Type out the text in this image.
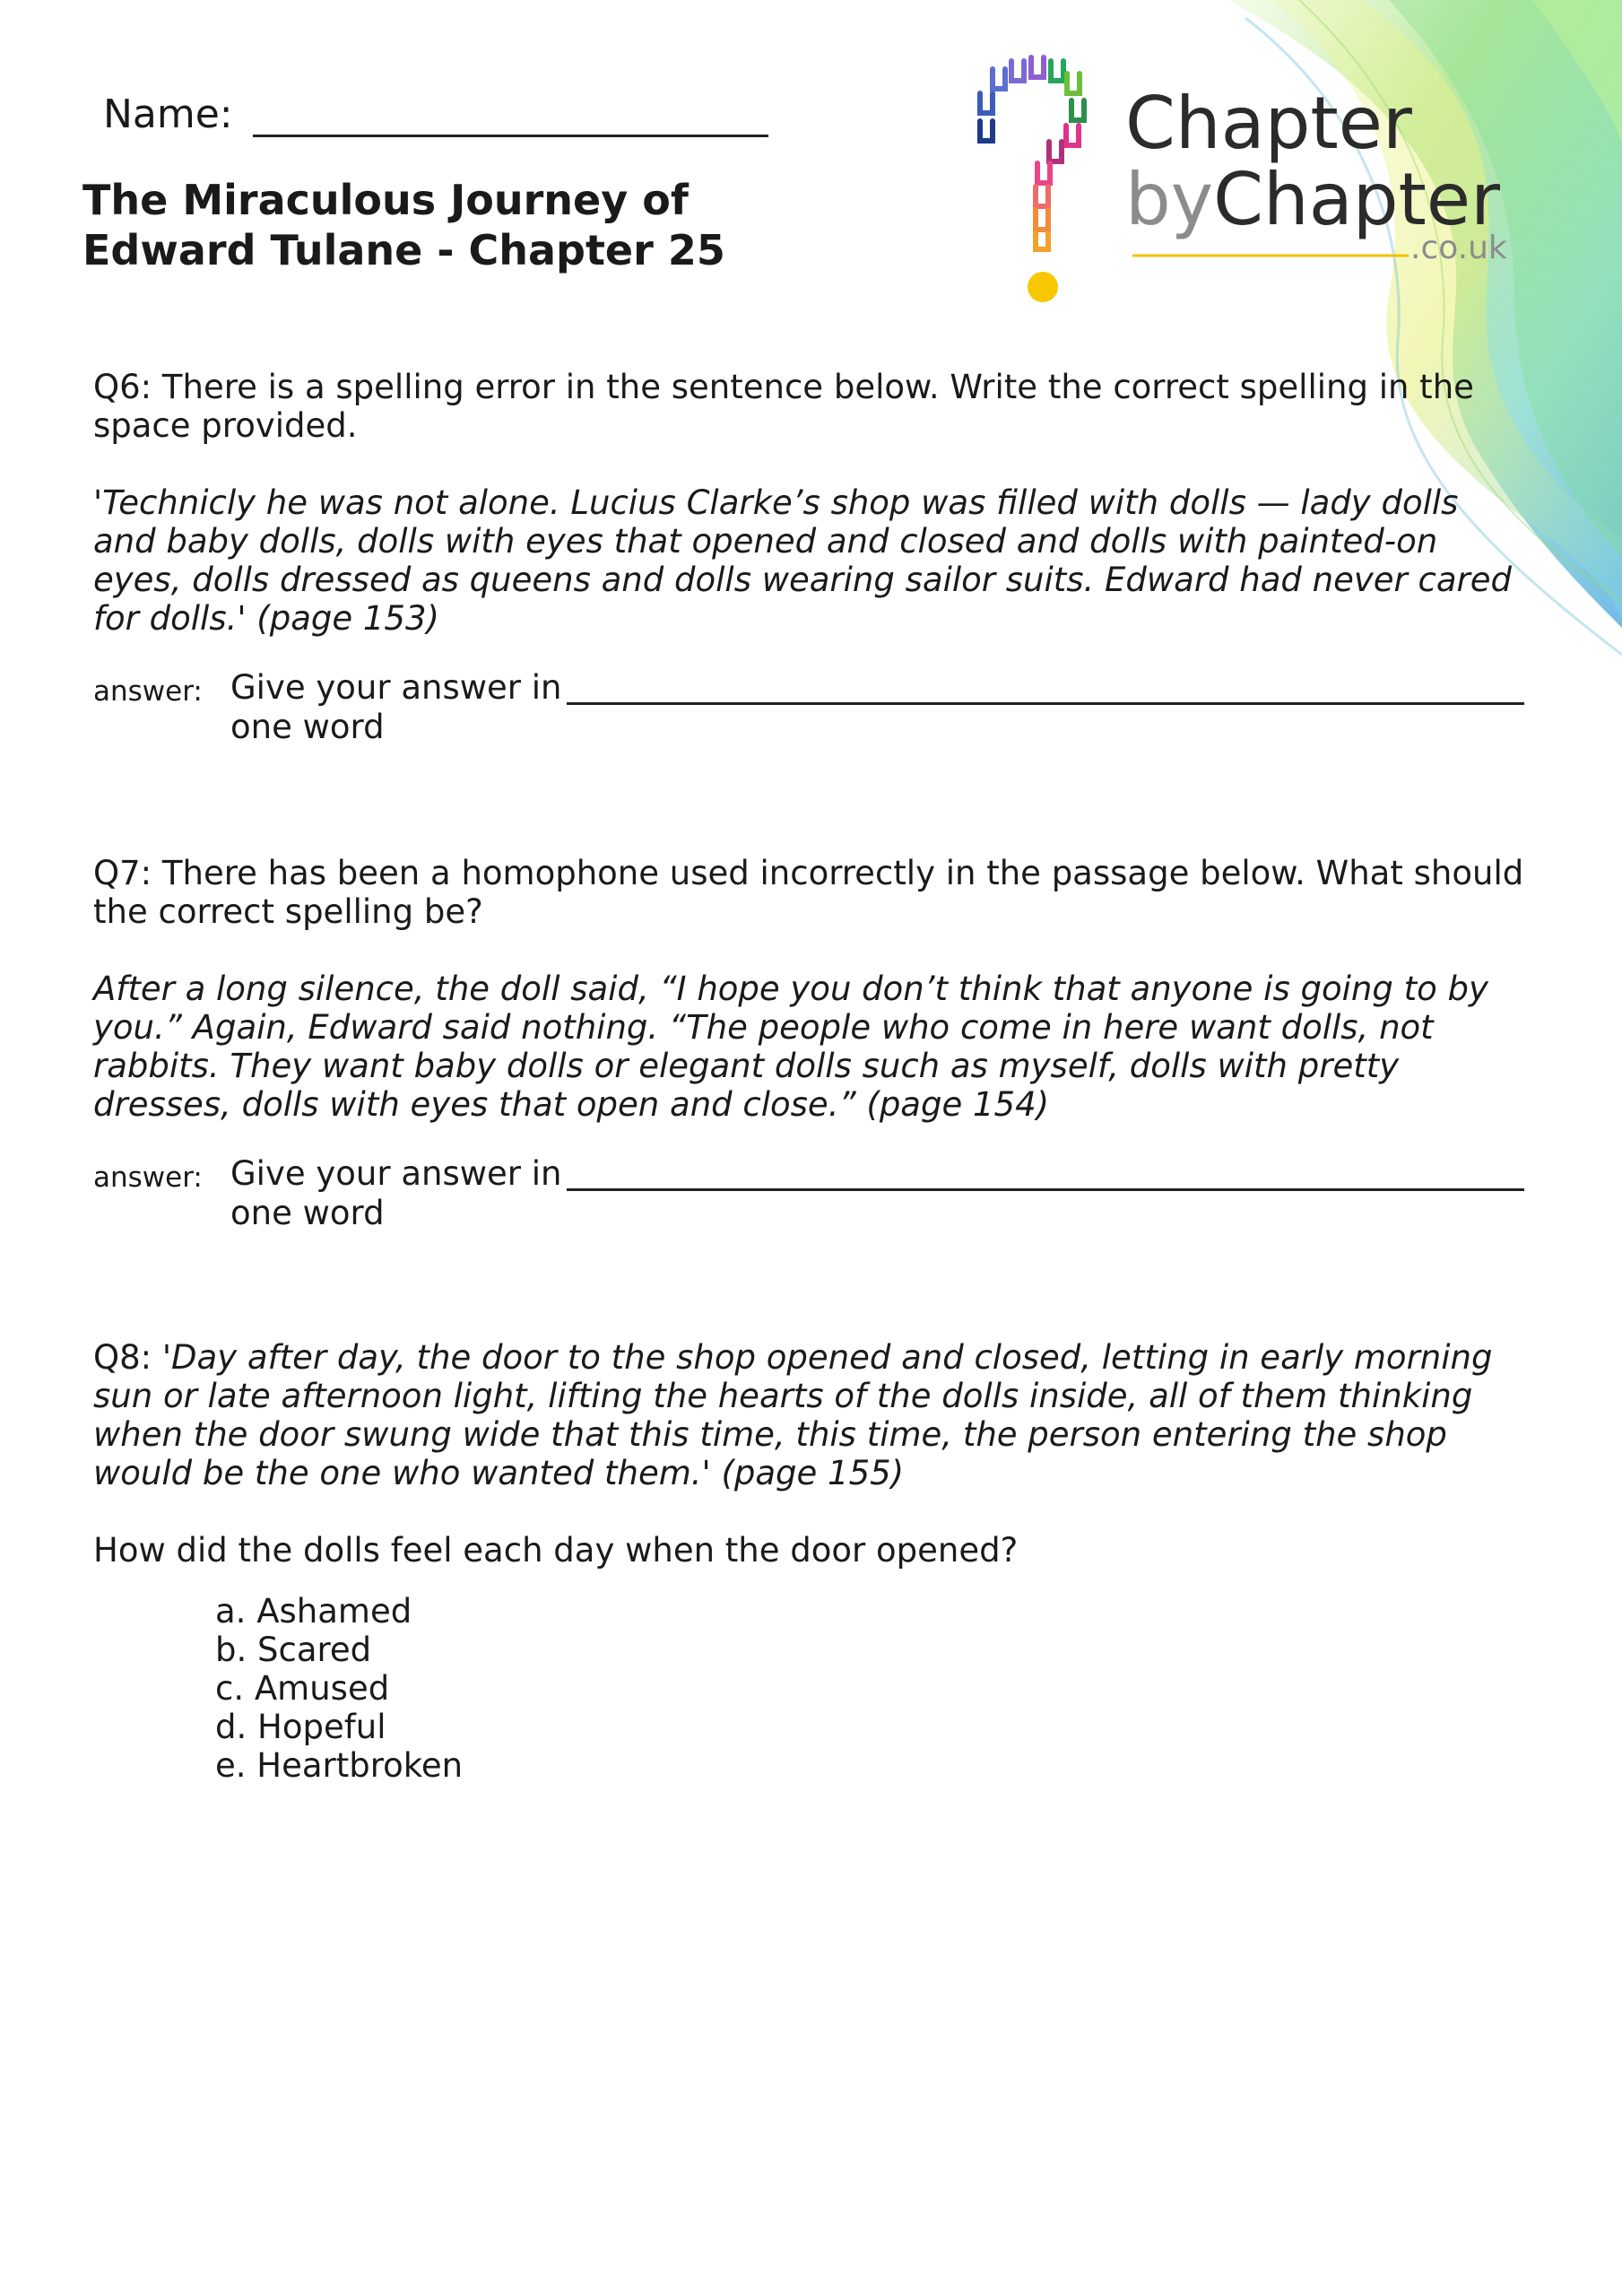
Chapter
byChapter
.co.uk
Name:
The Miraculous Journey of
Edward Tulane - Chapter 25

Q6: There is a spelling error in the sentence below. Write the correct spelling in the space provided.

'Technicly he was not alone. Lucius Clarke’s shop was filled with dolls — lady dolls and baby dolls, dolls with eyes that opened and closed and dolls with painted-on eyes, dolls dressed as queens and dolls wearing sailor suits. Edward had never cared for dolls.' (page 153)

answer: Give your answer in
one word

Q7: There has been a homophone used incorrectly in the passage below. What should the correct spelling be?

After a long silence, the doll said, “I hope you don’t think that anyone is going to by you.” Again, Edward said nothing. “The people who come in here want dolls, not rabbits. They want baby dolls or elegant dolls such as myself, dolls with pretty dresses, dolls with eyes that open and close.” (page 154)

answer: Give your answer in
one word

Q8: 'Day after day, the door to the shop opened and closed, letting in early morning sun or late afternoon light, lifting the hearts of the dolls inside, all of them thinking when the door swung wide that this time, this time, the person entering the shop would be the one who wanted them.' (page 155)

How did the dolls feel each day when the door opened?

a. Ashamed
b. Scared
c. Amused
d. Hopeful
e. Heartbroken
